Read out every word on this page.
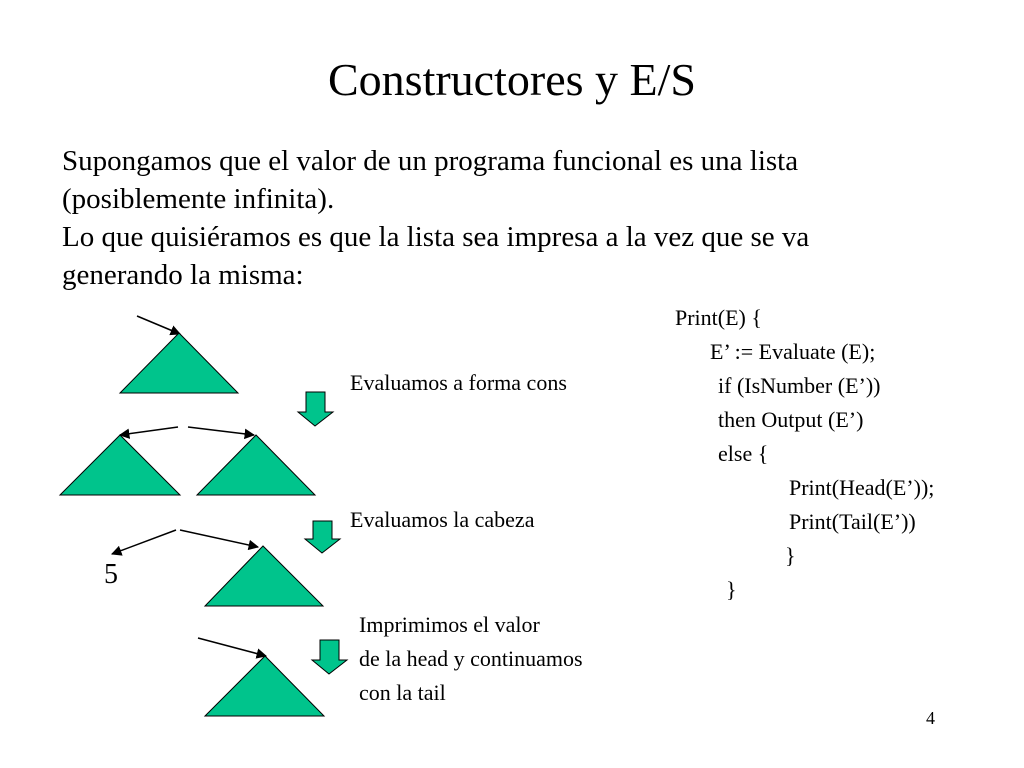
Constructores y E/S
Supongamos que el valor de un programa funcional es una lista
(posiblemente infinita).
Lo que quisiéramos es que la lista sea impresa a la vez que se va
generando la misma:
Print(E) {
E’ := Evaluate (E);
if (IsNumber (E’))
then Output (E’)
else {
Print(Head(E’));
Print(Tail(E’))
}
}
Evaluamos a forma cons
Evaluamos la cabeza
Imprimimos el valor
de la head y continuamos
con la tail
5
4
